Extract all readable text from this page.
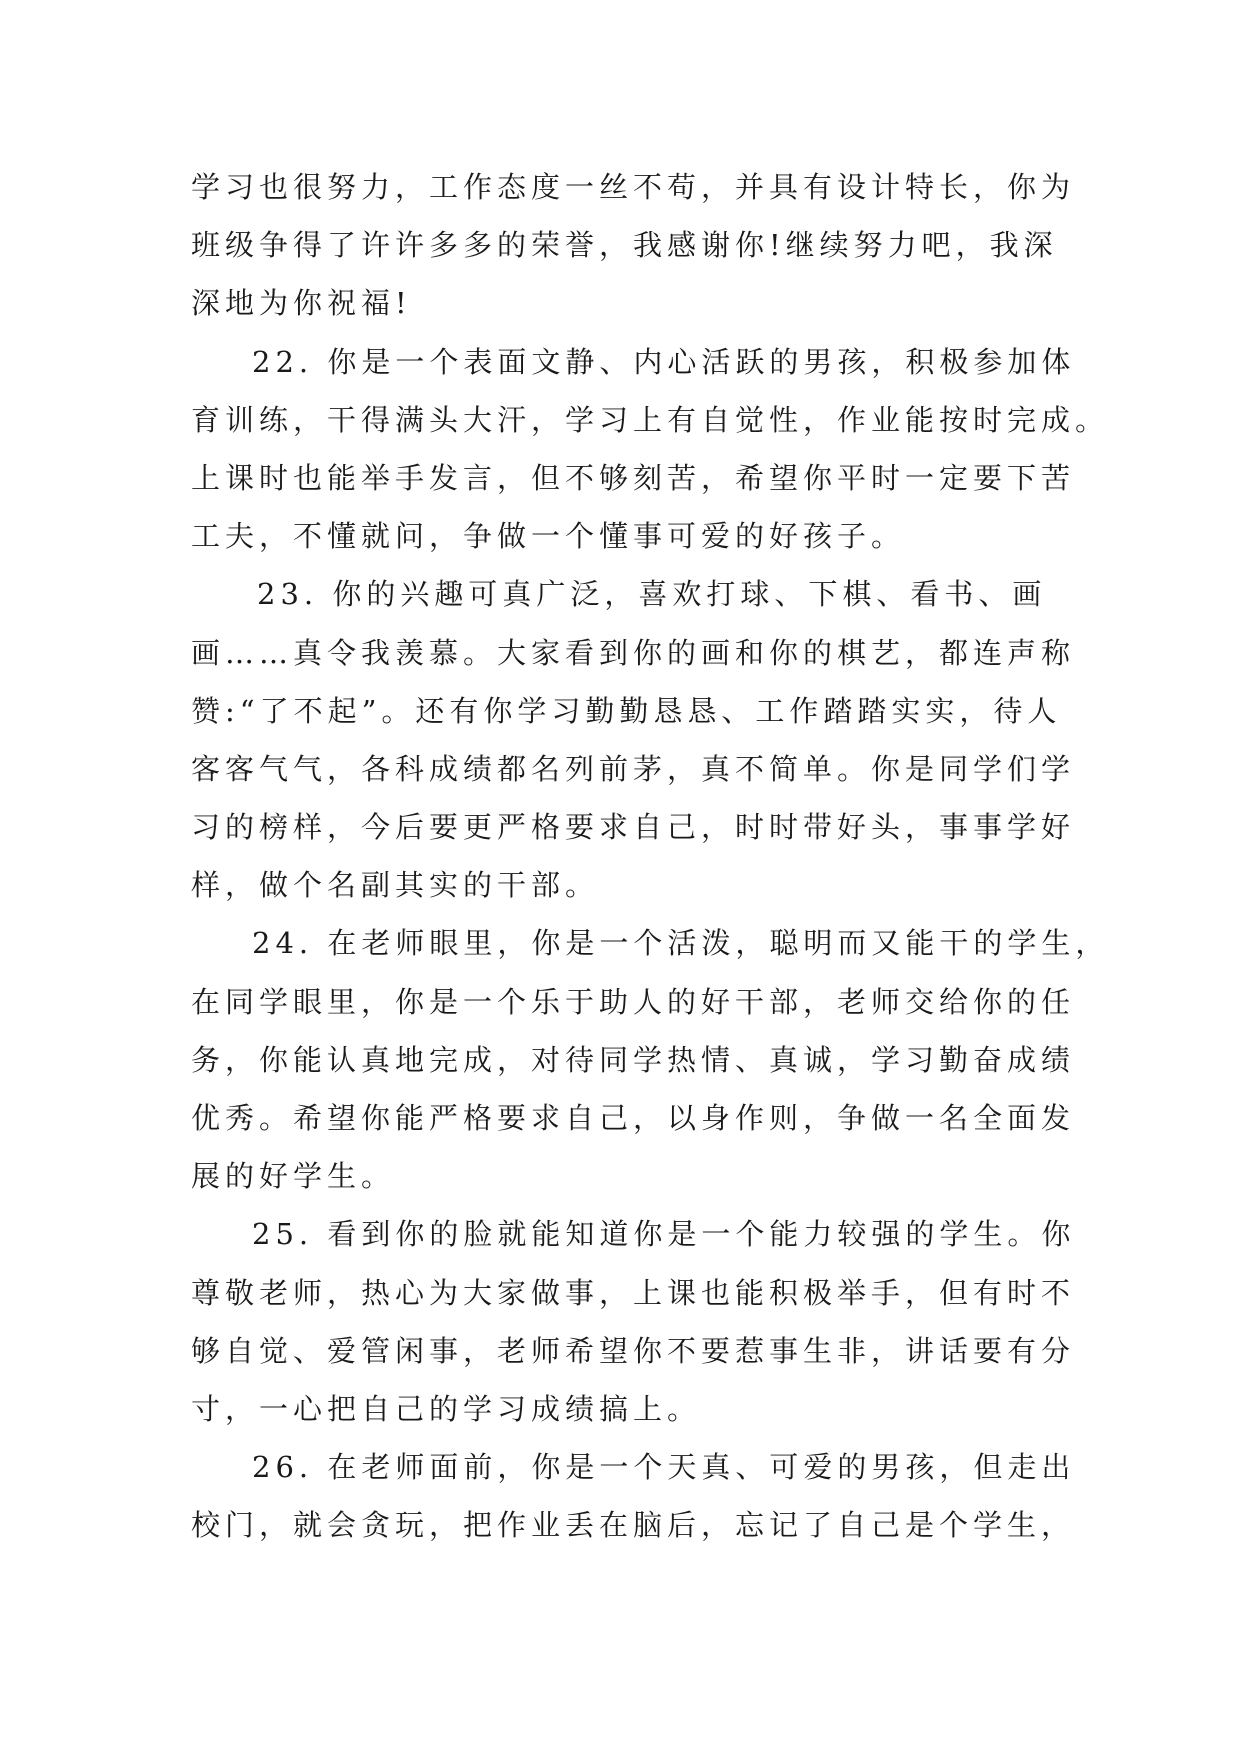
学习也很努力，工作态度一丝不苟，并具有设计特长，你为
班级争得了许许多多的荣誉，我感谢你!继续努力吧，我深
深地为你祝福!
22. 你是一个表面文静、内心活跃的男孩，积极参加体
育训练，干得满头大汗，学习上有自觉性，作业能按时完成。
上课时也能举手发言，但不够刻苦，希望你平时一定要下苦
工夫，不懂就问，争做一个懂事可爱的好孩子。
23. 你的兴趣可真广泛，喜欢打球、下棋、看书、画
画……真令我羡慕。大家看到你的画和你的棋艺，都连声称
赞:“了不起”。还有你学习勤勤恳恳、工作踏踏实实，待人
客客气气，各科成绩都名列前茅，真不简单。你是同学们学
习的榜样，今后要更严格要求自己，时时带好头，事事学好
样，做个名副其实的干部。
24. 在老师眼里，你是一个活泼，聪明而又能干的学生，
在同学眼里，你是一个乐于助人的好干部，老师交给你的任
务，你能认真地完成，对待同学热情、真诚，学习勤奋成绩
优秀。希望你能严格要求自己，以身作则，争做一名全面发
展的好学生。
25. 看到你的脸就能知道你是一个能力较强的学生。你
尊敬老师，热心为大家做事，上课也能积极举手，但有时不
够自觉、爱管闲事，老师希望你不要惹事生非，讲话要有分
寸，一心把自己的学习成绩搞上。
26. 在老师面前，你是一个天真、可爱的男孩，但走出
校门，就会贪玩，把作业丢在脑后，忘记了自己是个学生，
